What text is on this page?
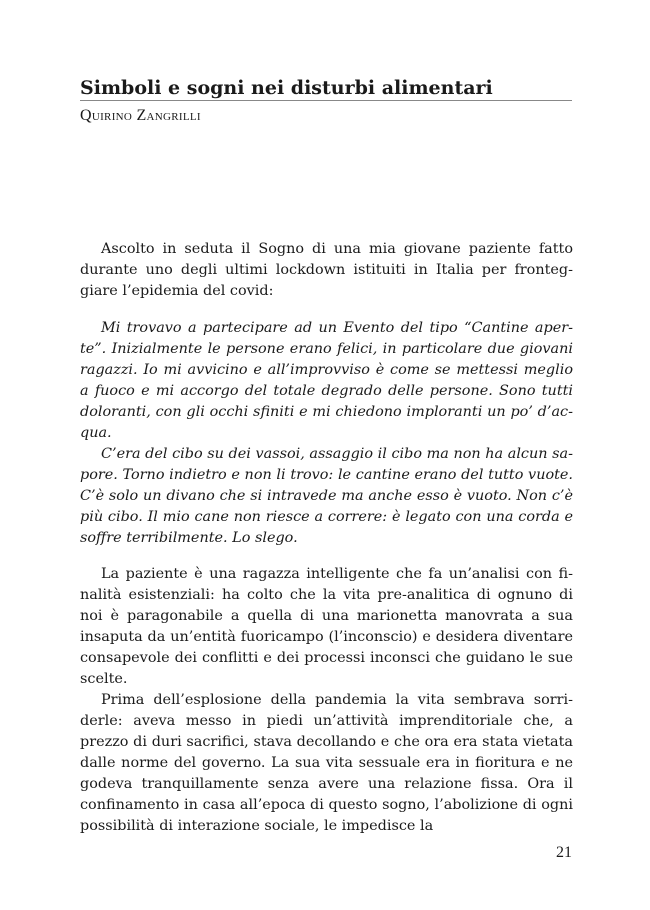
Simboli e sogni nei disturbi alimentari
Quirino Zangrilli

Ascolto in seduta il Sogno di una mia giovane paziente fatto durante uno degli ultimi lockdown istituiti in Italia per fronteggiare l’epidemia del covid:

Mi trovavo a partecipare ad un Evento del tipo “Cantine aperte”. Inizialmente le persone erano felici, in particolare due giovani ragazzi. Io mi avvicino e all’improvviso è come se mettessi meglio a fuoco e mi accorgo del totale degrado delle persone. Sono tutti doloranti, con gli occhi sfiniti e mi chiedono imploranti un po’ d’acqua.

C’era del cibo su dei vassoi, assaggio il cibo ma non ha alcun sapore. Torno indietro e non li trovo: le cantine erano del tutto vuote. C’è solo un divano che si intravede ma anche esso è vuoto. Non c’è più cibo. Il mio cane non riesce a correre: è legato con una corda e soffre terribilmente. Lo slego.

La paziente è una ragazza intelligente che fa un’analisi con finalità esistenziali: ha colto che la vita pre-analitica di ognuno di noi è paragonabile a quella di una marionetta manovrata a sua insaputa da un’entità fuoricampo (l’inconscio) e desidera diventare consapevole dei conflitti e dei processi inconsci che guidano le sue scelte.

Prima dell’esplosione della pandemia la vita sembrava sorriderle: aveva messo in piedi un’attività imprenditoriale che, a prezzo di duri sacrifici, stava decollando e che ora era stata vietata dalle norme del governo. La sua vita sessuale era in fioritura e ne godeva tranquillamente senza avere una relazione fissa. Ora il confinamento in casa all’epoca di questo sogno, l’abolizione di ogni possibilità di interazione sociale, le impedisce la

21
